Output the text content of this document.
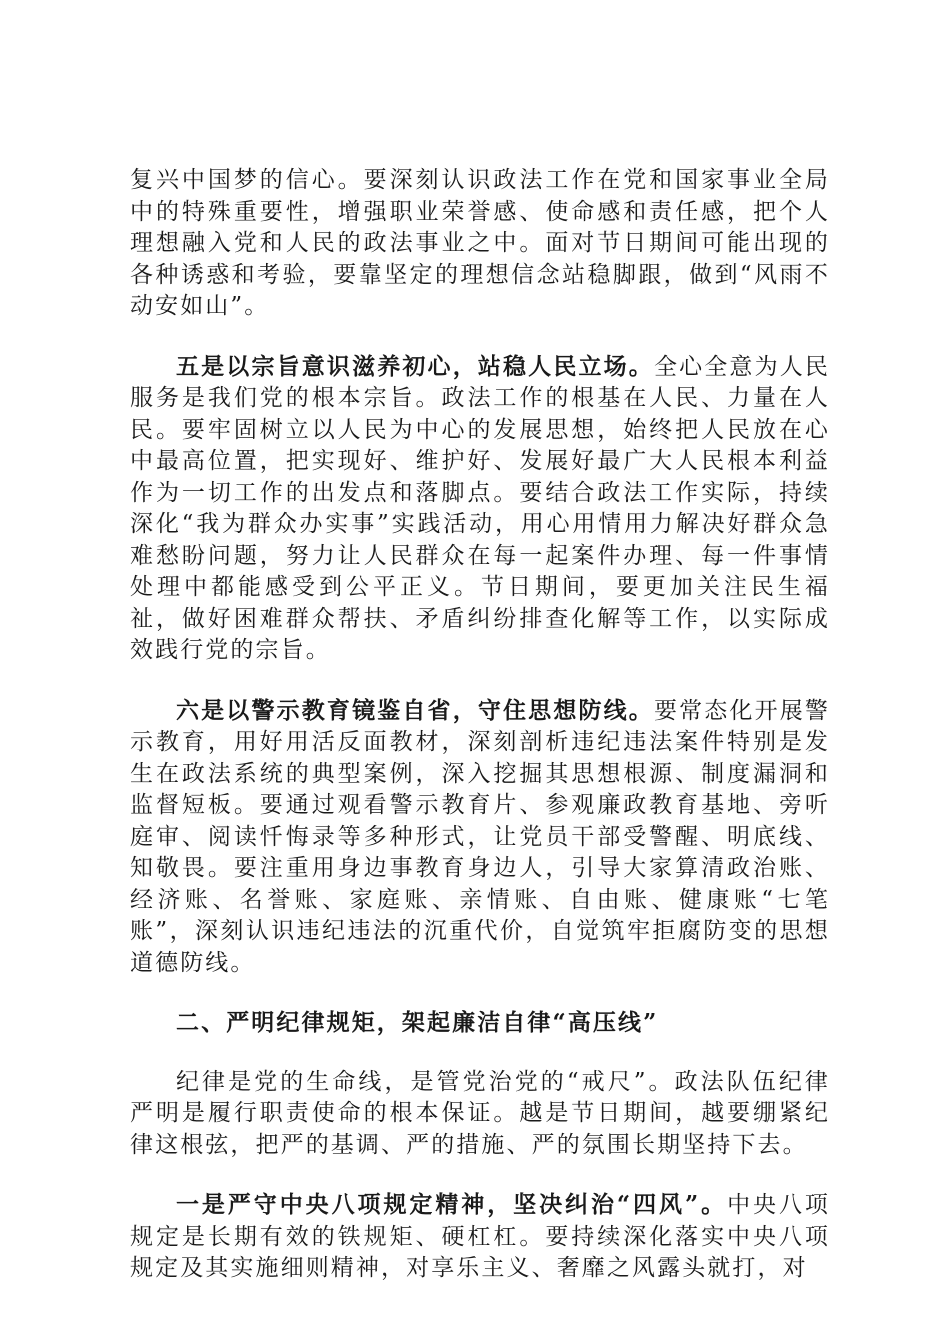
复兴中国梦的信心。要深刻认识政法工作在党和国家事业全局中的特殊重要性，增强职业荣誉感、使命感和责任感，把个人理想融入党和人民的政法事业之中。面对节日期间可能出现的各种诱惑和考验，要靠坚定的理想信念站稳脚跟，做到“风雨不动安如山”。

五是以宗旨意识滋养初心，站稳人民立场。全心全意为人民服务是我们党的根本宗旨。政法工作的根基在人民、力量在人民。要牢固树立以人民为中心的发展思想，始终把人民放在心中最高位置，把实现好、维护好、发展好最广大人民根本利益作为一切工作的出发点和落脚点。要结合政法工作实际，持续深化“我为群众办实事”实践活动，用心用情用力解决好群众急难愁盼问题，努力让人民群众在每一起案件办理、每一件事情处理中都能感受到公平正义。节日期间，要更加关注民生福祉，做好困难群众帮扶、矛盾纠纷排查化解等工作，以实际成效践行党的宗旨。

六是以警示教育镜鉴自省，守住思想防线。要常态化开展警示教育，用好用活反面教材，深刻剖析违纪违法案件特别是发生在政法系统的典型案例，深入挖掘其思想根源、制度漏洞和监督短板。要通过观看警示教育片、参观廉政教育基地、旁听庭审、阅读忏悔录等多种形式，让党员干部受警醒、明底线、知敬畏。要注重用身边事教育身边人，引导大家算清政治账、经济账、名誉账、家庭账、亲情账、自由账、健康账“七笔账”，深刻认识违纪违法的沉重代价，自觉筑牢拒腐防变的思想道德防线。

二、严明纪律规矩，架起廉洁自律“高压线”

纪律是党的生命线，是管党治党的“戒尺”。政法队伍纪律严明是履行职责使命的根本保证。越是节日期间，越要绷紧纪律这根弦，把严的基调、严的措施、严的氛围长期坚持下去。

一是严守中央八项规定精神，坚决纠治“四风”。中央八项规定是长期有效的铁规矩、硬杠杠。要持续深化落实中央八项规定及其实施细则精神，对享乐主义、奢靡之风露头就打，对
